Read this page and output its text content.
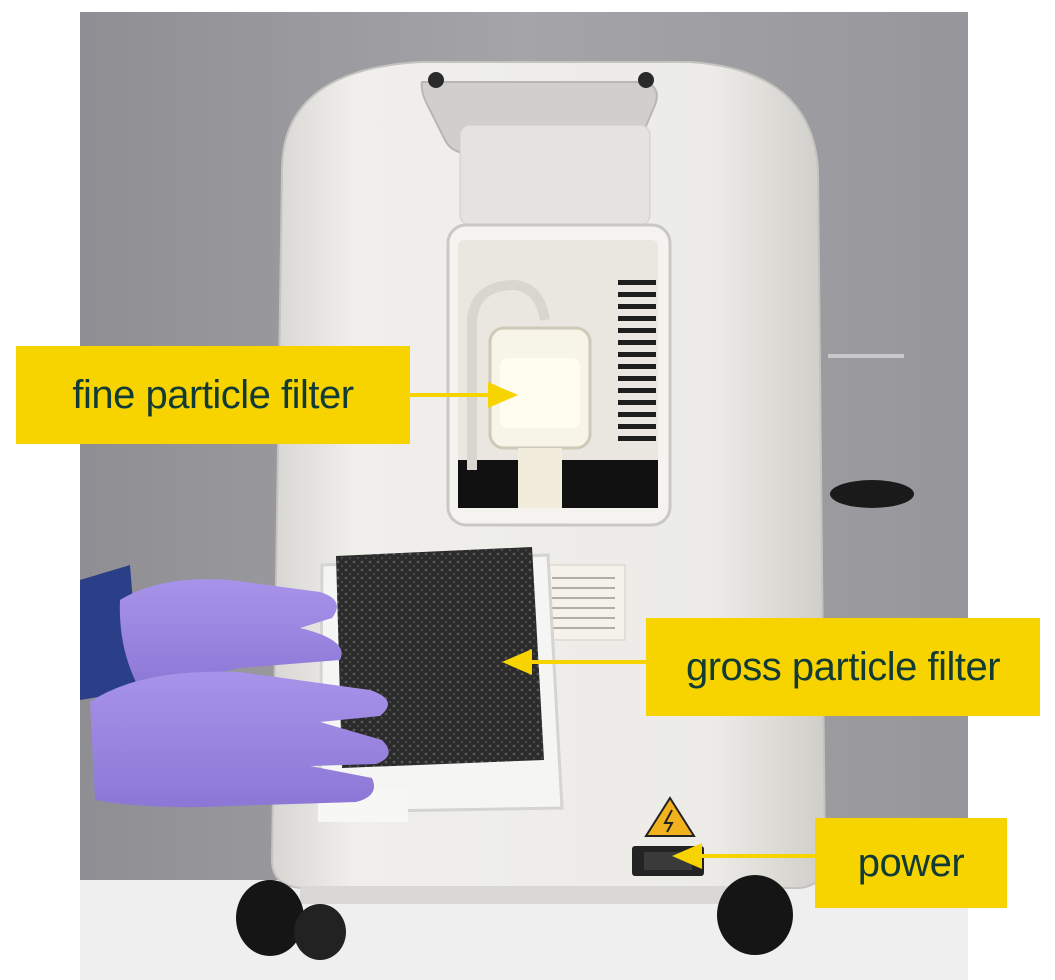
fine particle filter
gross particle filter
power
